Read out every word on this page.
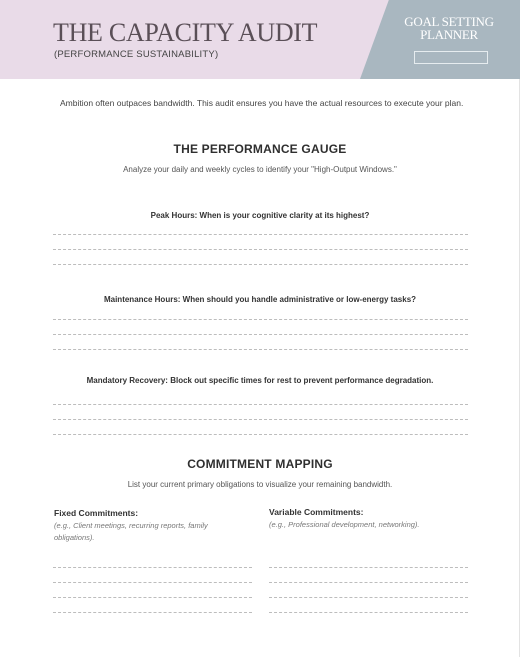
THE CAPACITY AUDIT
(PERFORMANCE SUSTAINABILITY)
GOAL SETTING
PLANNER

Ambition often outpaces bandwidth. This audit ensures you have the actual resources to execute your plan.

THE PERFORMANCE GAUGE
Analyze your daily and weekly cycles to identify your "High-Output Windows."
Peak Hours: When is your cognitive clarity at its highest?
Maintenance Hours: When should you handle administrative or low-energy tasks?
Mandatory Recovery: Block out specific times for rest to prevent performance degradation.
COMMITMENT MAPPING
List your current primary obligations to visualize your remaining bandwidth.
Fixed Commitments:
(e.g., Client meetings, recurring reports, family
obligations).
Variable Commitments:
(e.g., Professional development, networking).
